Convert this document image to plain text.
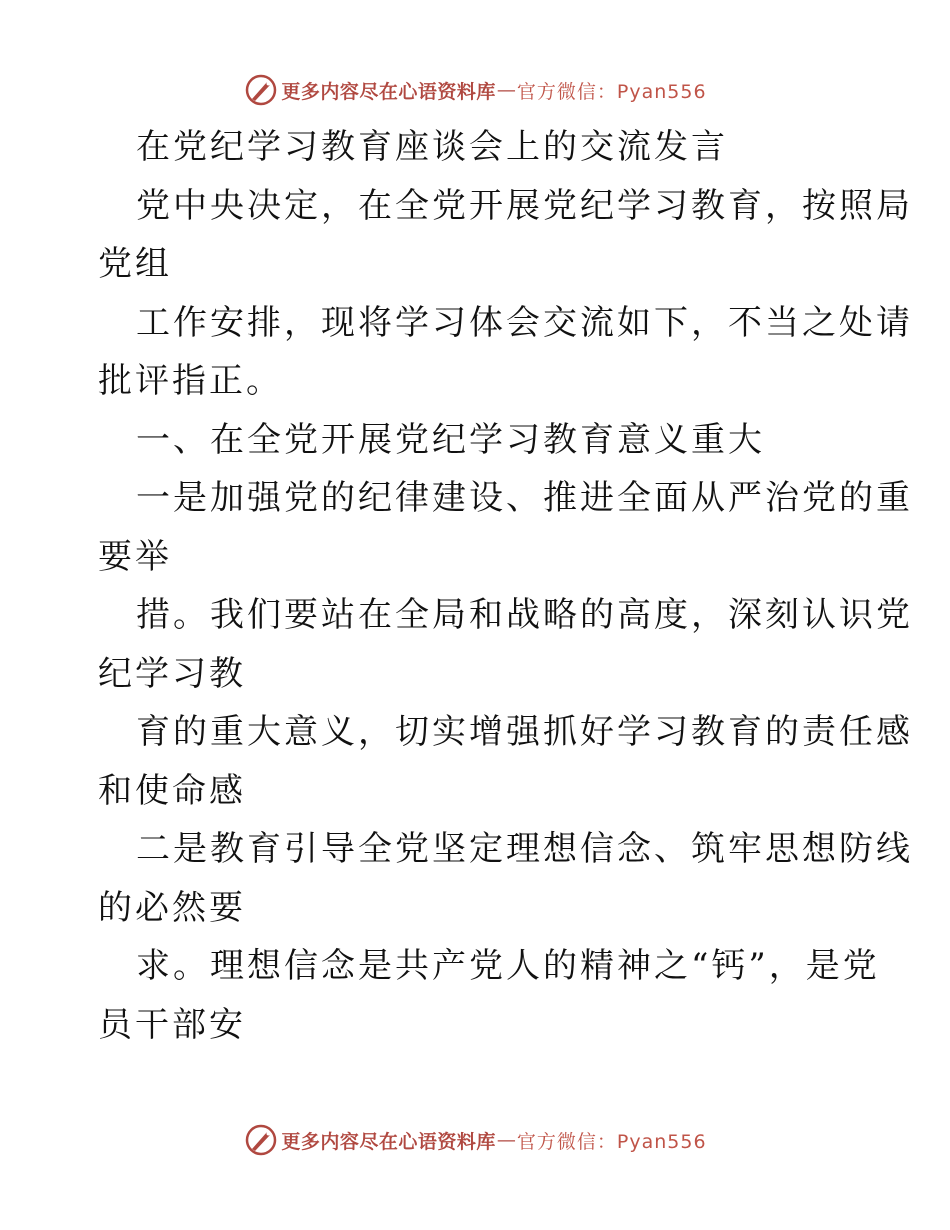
更多内容尽在心语资料库 — 官方微信：Pyan556
在党纪学习教育座谈会上的交流发言
党中央决定，在全党开展党纪学习教育，按照局
党组
工作安排，现将学习体会交流如下，不当之处请
批评指正。
一、在全党开展党纪学习教育意义重大
一是加强党的纪律建设、推进全面从严治党的重
要举
措。我们要站在全局和战略的高度，深刻认识党
纪学习教
育的重大意义，切实增强抓好学习教育的责任感
和使命感
二是教育引导全党坚定理想信念、筑牢思想防线
的必然要
求。理想信念是共产党人的精神之“钙”，是党
员干部安
更多内容尽在心语资料库 — 官方微信：Pyan556
